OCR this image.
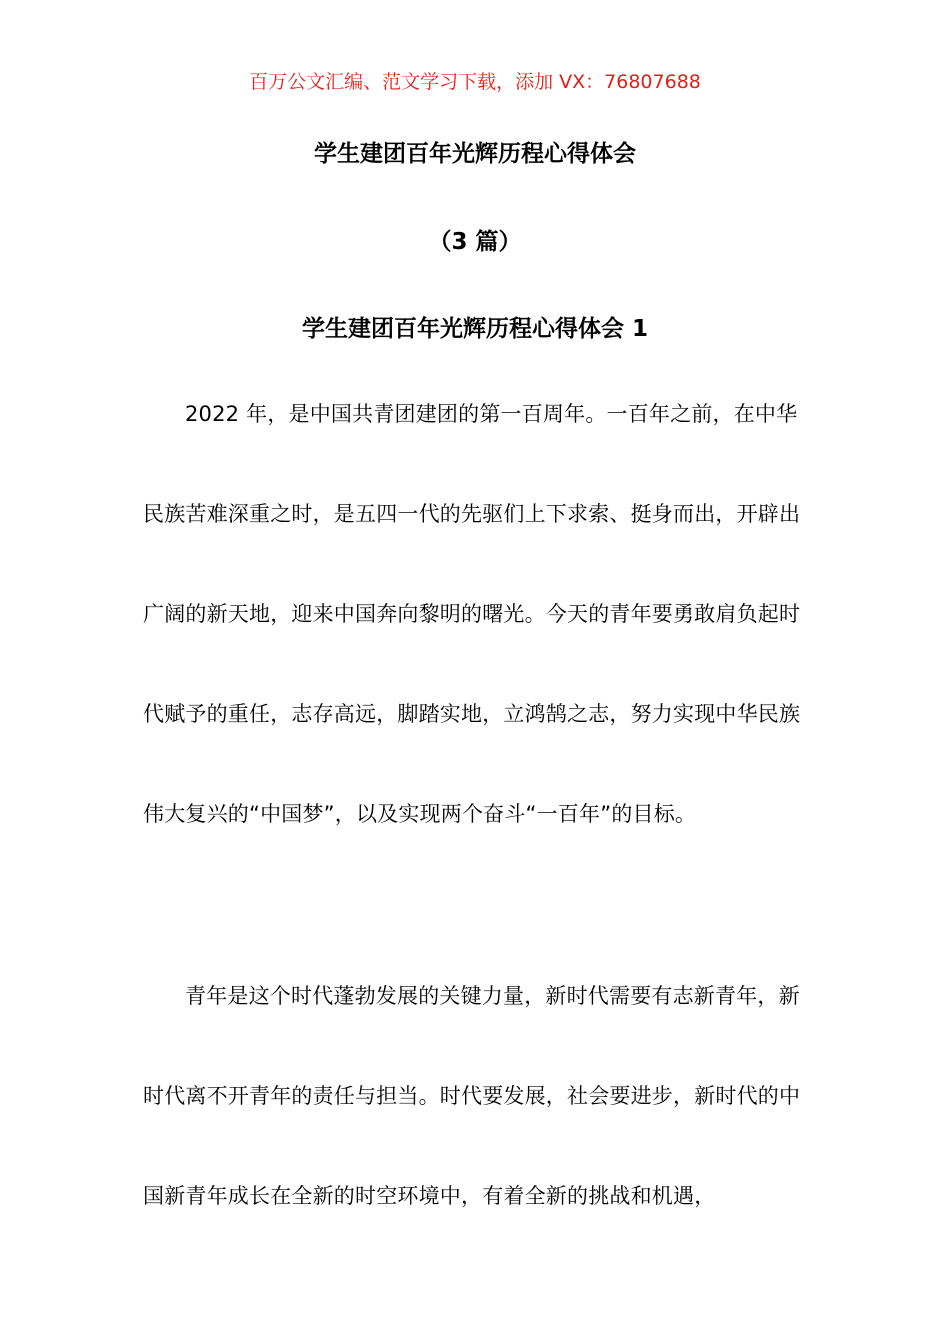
百万公文汇编、范文学习下载，添加 VX：76807688
学生建团百年光辉历程心得体会
（3 篇）
学生建团百年光辉历程心得体会 1

2022 年，是中国共青团建团的第一百周年。一百年之前，在中华民族苦难深重之时，是五四一代的先驱们上下求索、挺身而出，开辟出广阔的新天地，迎来中国奔向黎明的曙光。今天的青年要勇敢肩负起时代赋予的重任，志存高远，脚踏实地，立鸿鹄之志，努力实现中华民族伟大复兴的“中国梦”，以及实现两个奋斗“一百年”的目标。

青年是这个时代蓬勃发展的关键力量，新时代需要有志新青年，新时代离不开青年的责任与担当。时代要发展，社会要进步，新时代的中国新青年成长在全新的时空环境中，有着全新的挑战和机遇，
